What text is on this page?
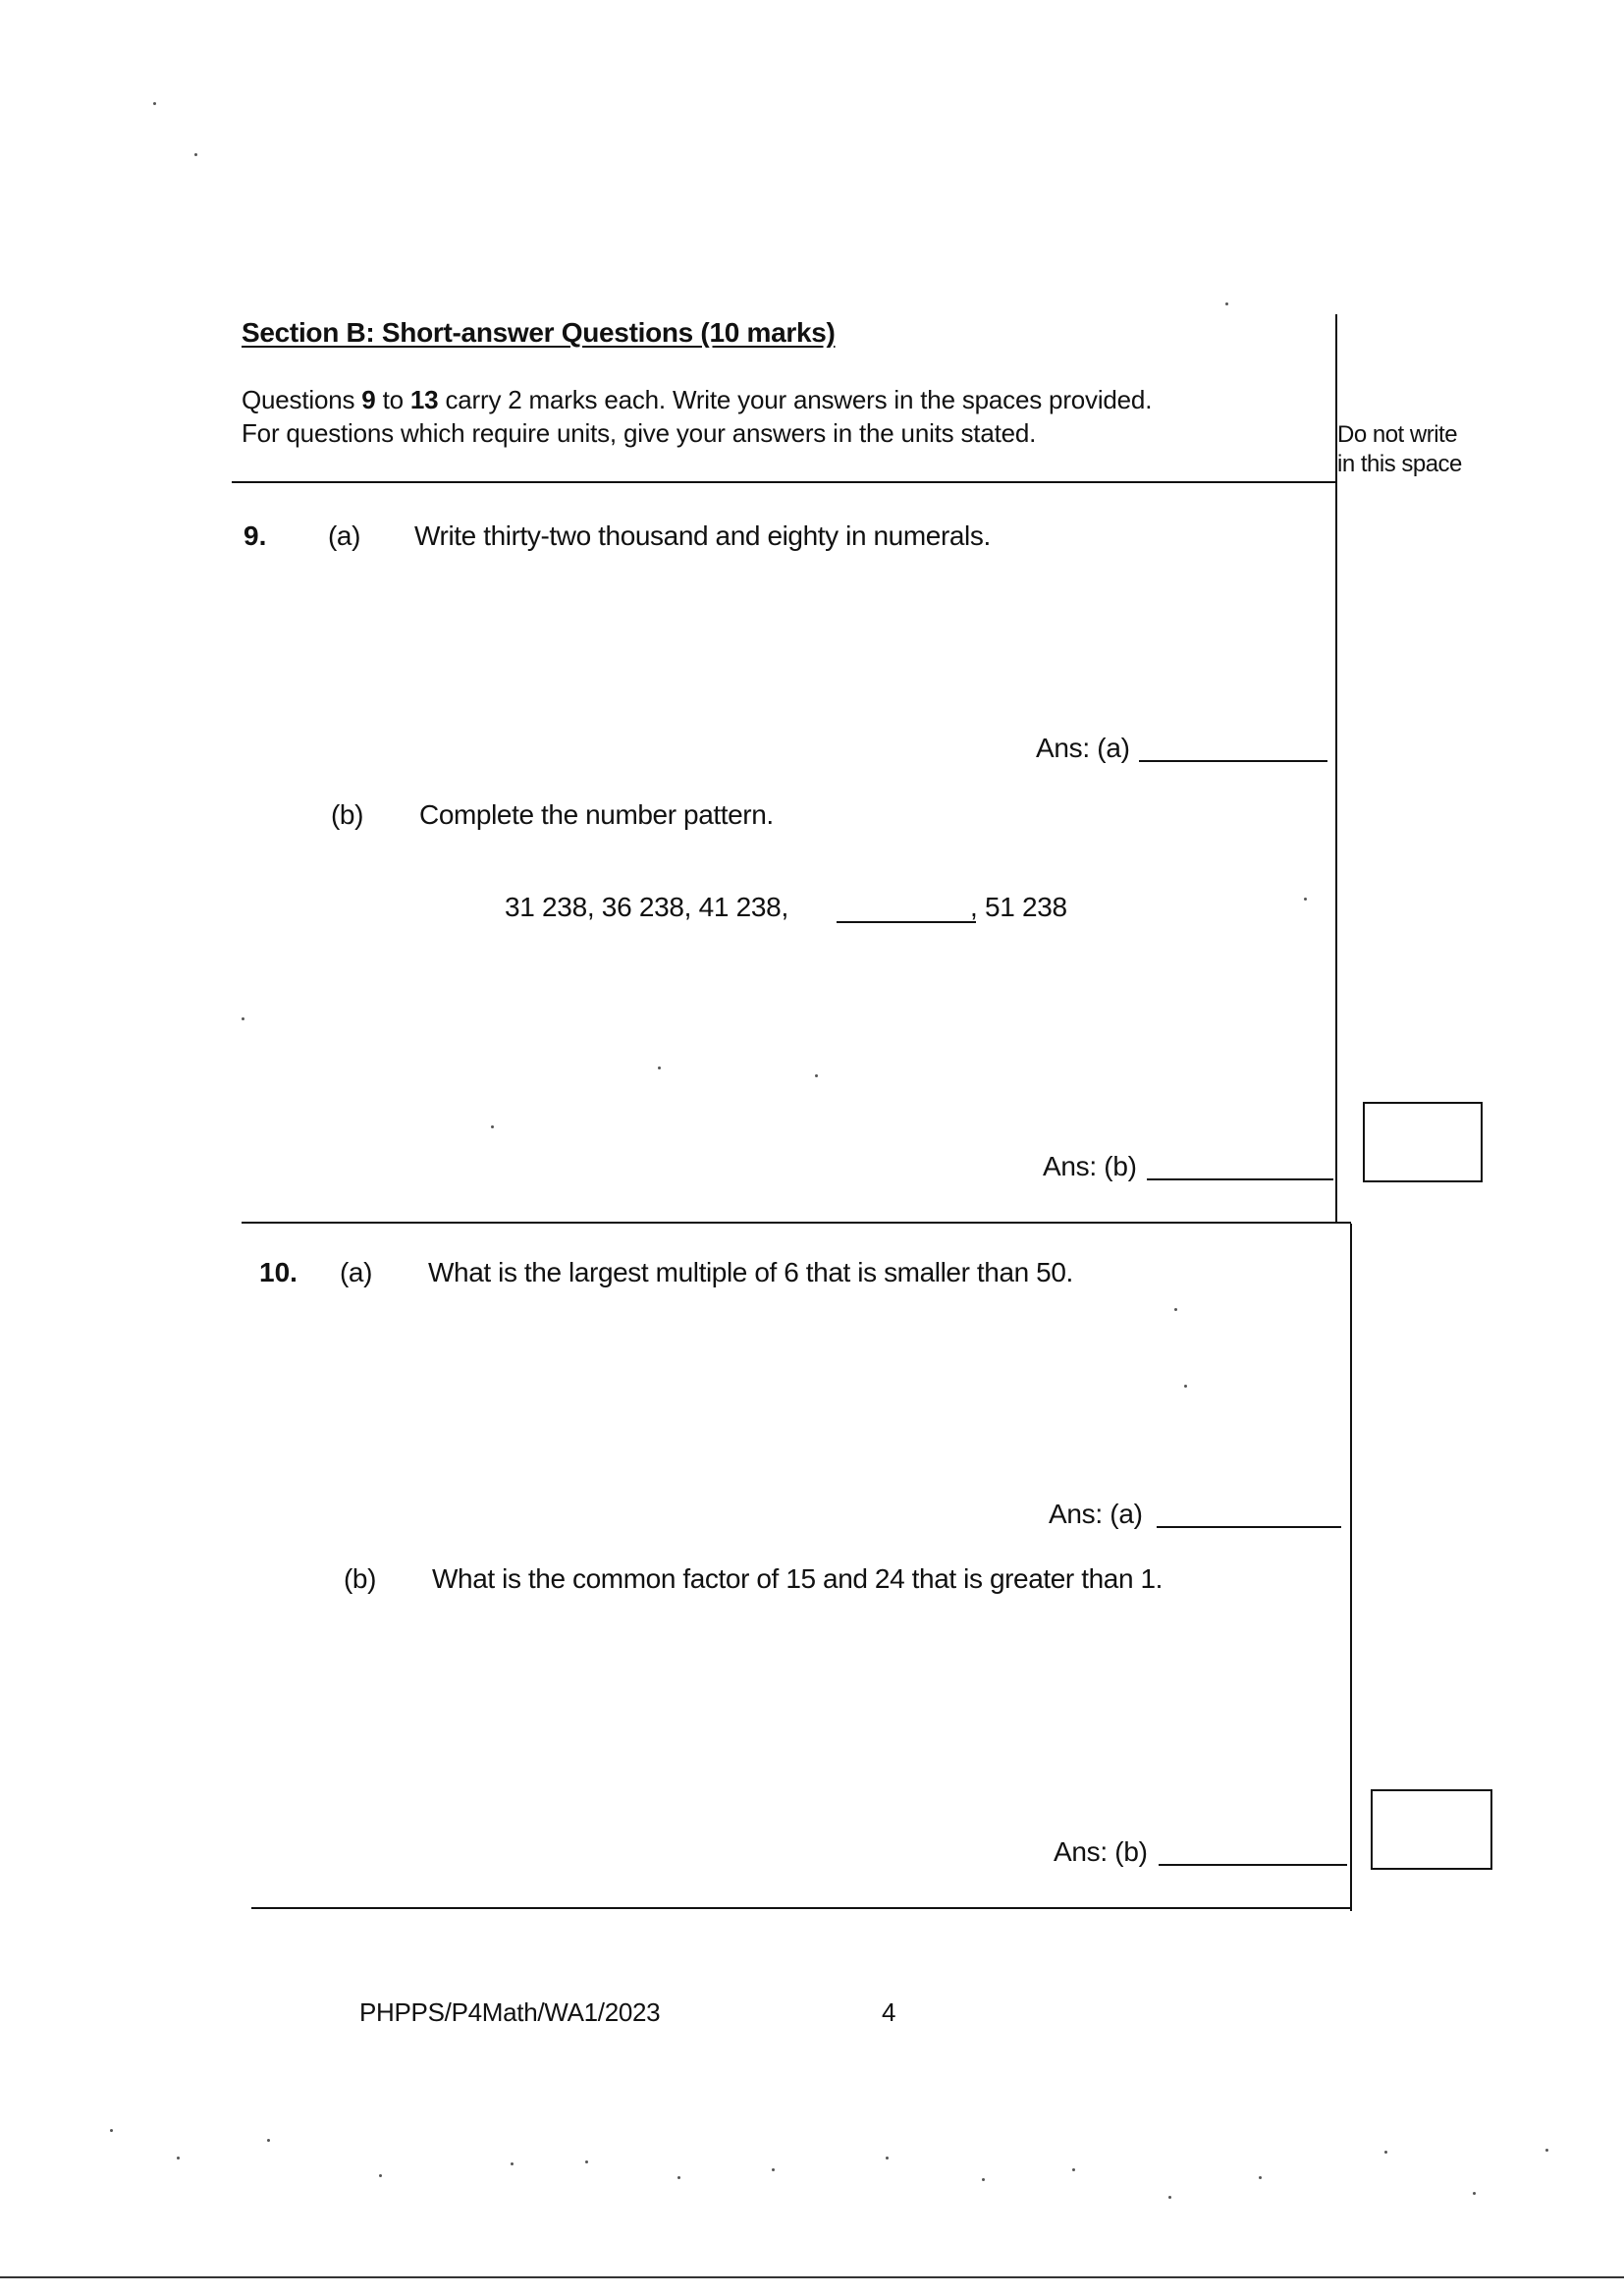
Section B: Short-answer Questions (10 marks)
Questions 9 to 13 carry 2 marks each. Write your answers in the spaces provided.
For questions which require units, give your answers in the units stated.	Do not write
in this space
9. (a) Write thirty-two thousand and eighty in numerals.
Ans: (a)
(b) Complete the number pattern.
31 238, 36 238, 41 238,	, 51 238
Ans: (b)
10. (a) What is the largest multiple of 6 that is smaller than 50.
Ans: (a)
(b) What is the common factor of 15 and 24 that is greater than 1.
Ans: (b)
PHPPS/P4Math/WA1/2023	4
